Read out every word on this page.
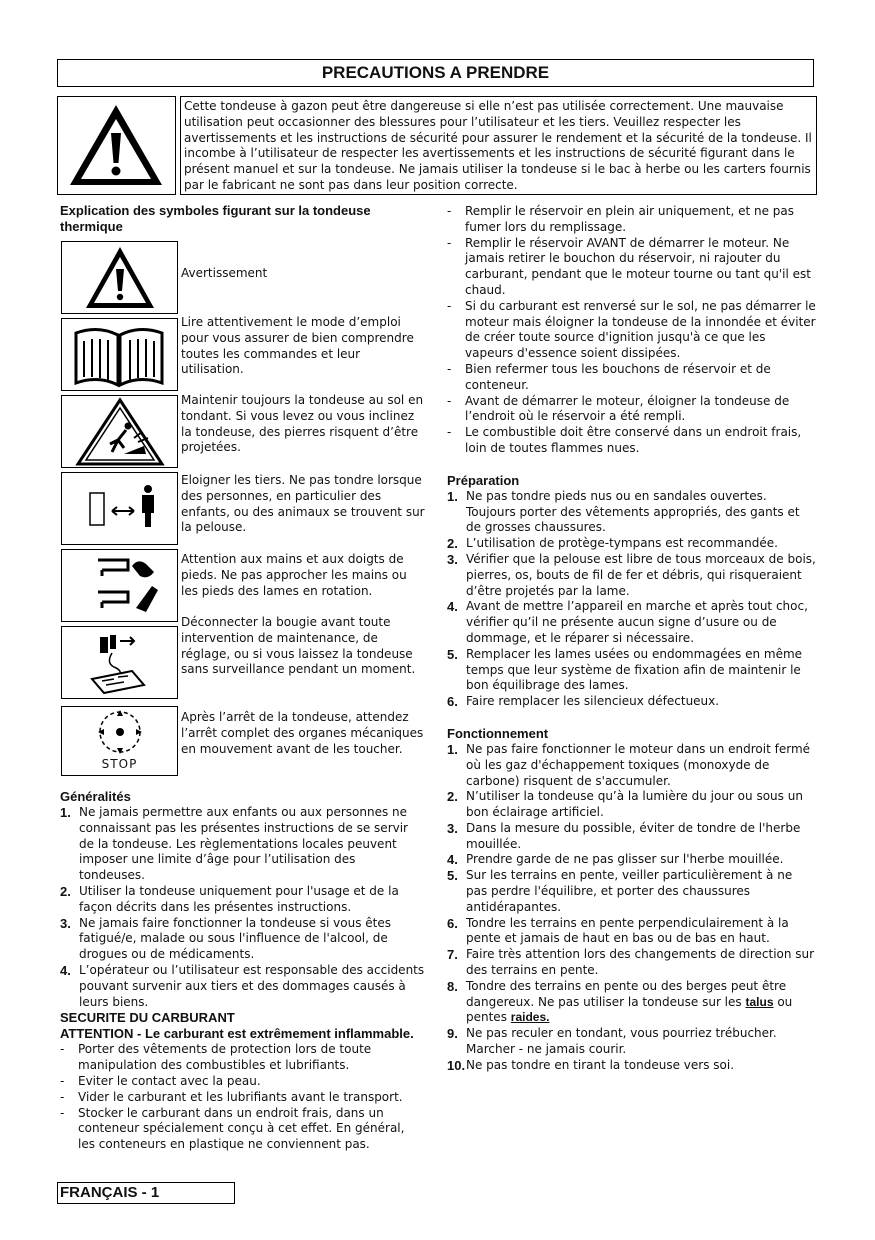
PRECAUTIONS A PRENDRE
Cette tondeuse à gazon peut être dangereuse si elle n’est pas utilisée correctement. Une mauvaise utilisation peut occasionner des blessures pour l’utilisateur et les tiers. Veuillez respecter les avertissements et les instructions de sécurité pour assurer le rendement et la sécurité de la tondeuse. Il incombe à l’utilisateur de respecter les avertissements et les instructions de sécurité figurant dans le présent manuel et sur la tondeuse. Ne jamais utiliser la tondeuse si le bac à herbe ou les carters fournis par le fabricant ne sont pas dans leur position correcte.
Explication des symboles figurant sur la tondeuse thermique
Avertissement
Lire attentivement le mode d’emploi pour vous assurer de bien comprendre toutes les commandes et leur utilisation.
Maintenir toujours la tondeuse au sol en tondant. Si vous levez ou vous inclinez la tondeuse, des pierres risquent d’être projetées.
Eloigner les tiers. Ne pas tondre lorsque des personnes, en particulier des enfants, ou des animaux se trouvent sur la pelouse.
Attention aux mains et aux doigts de pieds. Ne pas approcher les mains ou les pieds des lames en rotation.
Déconnecter la bougie avant toute intervention de maintenance, de réglage, ou si vous laissez la tondeuse sans surveillance pendant un moment.
STOP
Après l’arrêt de la tondeuse, attendez l’arrêt complet des organes mécaniques en mouvement avant de les toucher.
Généralités
1. Ne jamais permettre aux enfants ou aux personnes ne connaissant pas les présentes instructions de se servir de la tondeuse. Les règlementations locales peuvent imposer une limite d’âge pour l’utilisation des tondeuses.
2. Utiliser la tondeuse uniquement pour l'usage et de la façon décrits dans les présentes instructions.
3. Ne jamais faire fonctionner la tondeuse si vous êtes fatigué/e, malade ou sous l'influence de l'alcool, de drogues ou de médicaments.
4. L’opérateur ou l’utilisateur est responsable des accidents pouvant survenir aux tiers et des dommages causés à leurs biens.
SECURITE DU CARBURANT
ATTENTION - Le carburant est extrêmement inflammable.
- Porter des vêtements de protection lors de toute manipulation des combustibles et lubrifiants.
- Eviter le contact avec la peau.
- Vider le carburant et les lubrifiants avant le transport.
- Stocker le carburant dans un endroit frais, dans un conteneur spécialement conçu à cet effet. En général, les conteneurs en plastique ne conviennent pas.
- Remplir le réservoir en plein air uniquement, et ne pas fumer lors du remplissage.
- Remplir le réservoir AVANT de démarrer le moteur. Ne jamais retirer le bouchon du réservoir, ni rajouter du carburant, pendant que le moteur tourne ou tant qu'il est chaud.
- Si du carburant est renversé sur le sol, ne pas démarrer le moteur mais éloigner la tondeuse de la innondée et éviter de créer toute source d'ignition jusqu'à ce que les vapeurs d'essence soient dissipées.
- Bien refermer tous les bouchons de réservoir et de conteneur.
- Avant de démarrer le moteur, éloigner la tondeuse de l’endroit où le réservoir a été rempli.
- Le combustible doit être conservé dans un endroit frais, loin de toutes flammes nues.
Préparation
1. Ne pas tondre pieds nus ou en sandales ouvertes. Toujours porter des vêtements appropriés, des gants et de grosses chaussures.
2. L’utilisation de protège-tympans est recommandée.
3. Vérifier que la pelouse est libre de tous morceaux de bois, pierres, os, bouts de fil de fer et débris, qui risqueraient d’être projetés par la lame.
4. Avant de mettre l’appareil en marche et après tout choc, vérifier qu’il ne présente aucun signe d’usure ou de dommage, et le réparer si nécessaire.
5. Remplacer les lames usées ou endommagées en même temps que leur système de fixation afin de maintenir le bon équilibrage des lames.
6. Faire remplacer les silencieux défectueux.
Fonctionnement
1. Ne pas faire fonctionner le moteur dans un endroit fermé où les gaz d'échappement toxiques (monoxyde de carbone) risquent de s'accumuler.
2. N’utiliser la tondeuse qu’à la lumière du jour ou sous un bon éclairage artificiel.
3. Dans la mesure du possible, éviter de tondre de l'herbe mouillée.
4. Prendre garde de ne pas glisser sur l'herbe mouillée.
5. Sur les terrains en pente, veiller particulièrement à ne pas perdre l'équilibre, et porter des chaussures antidérapantes.
6. Tondre les terrains en pente perpendiculairement à la pente et jamais de haut en bas ou de bas en haut.
7. Faire très attention lors des changements de direction sur des terrains en pente.
8. Tondre des terrains en pente ou des berges peut être dangereux. Ne pas utiliser la tondeuse sur les talus ou pentes raides.
9. Ne pas reculer en tondant, vous pourriez trébucher. Marcher - ne jamais courir.
10. Ne pas tondre en tirant la tondeuse vers soi.
FRANÇAIS - 1
